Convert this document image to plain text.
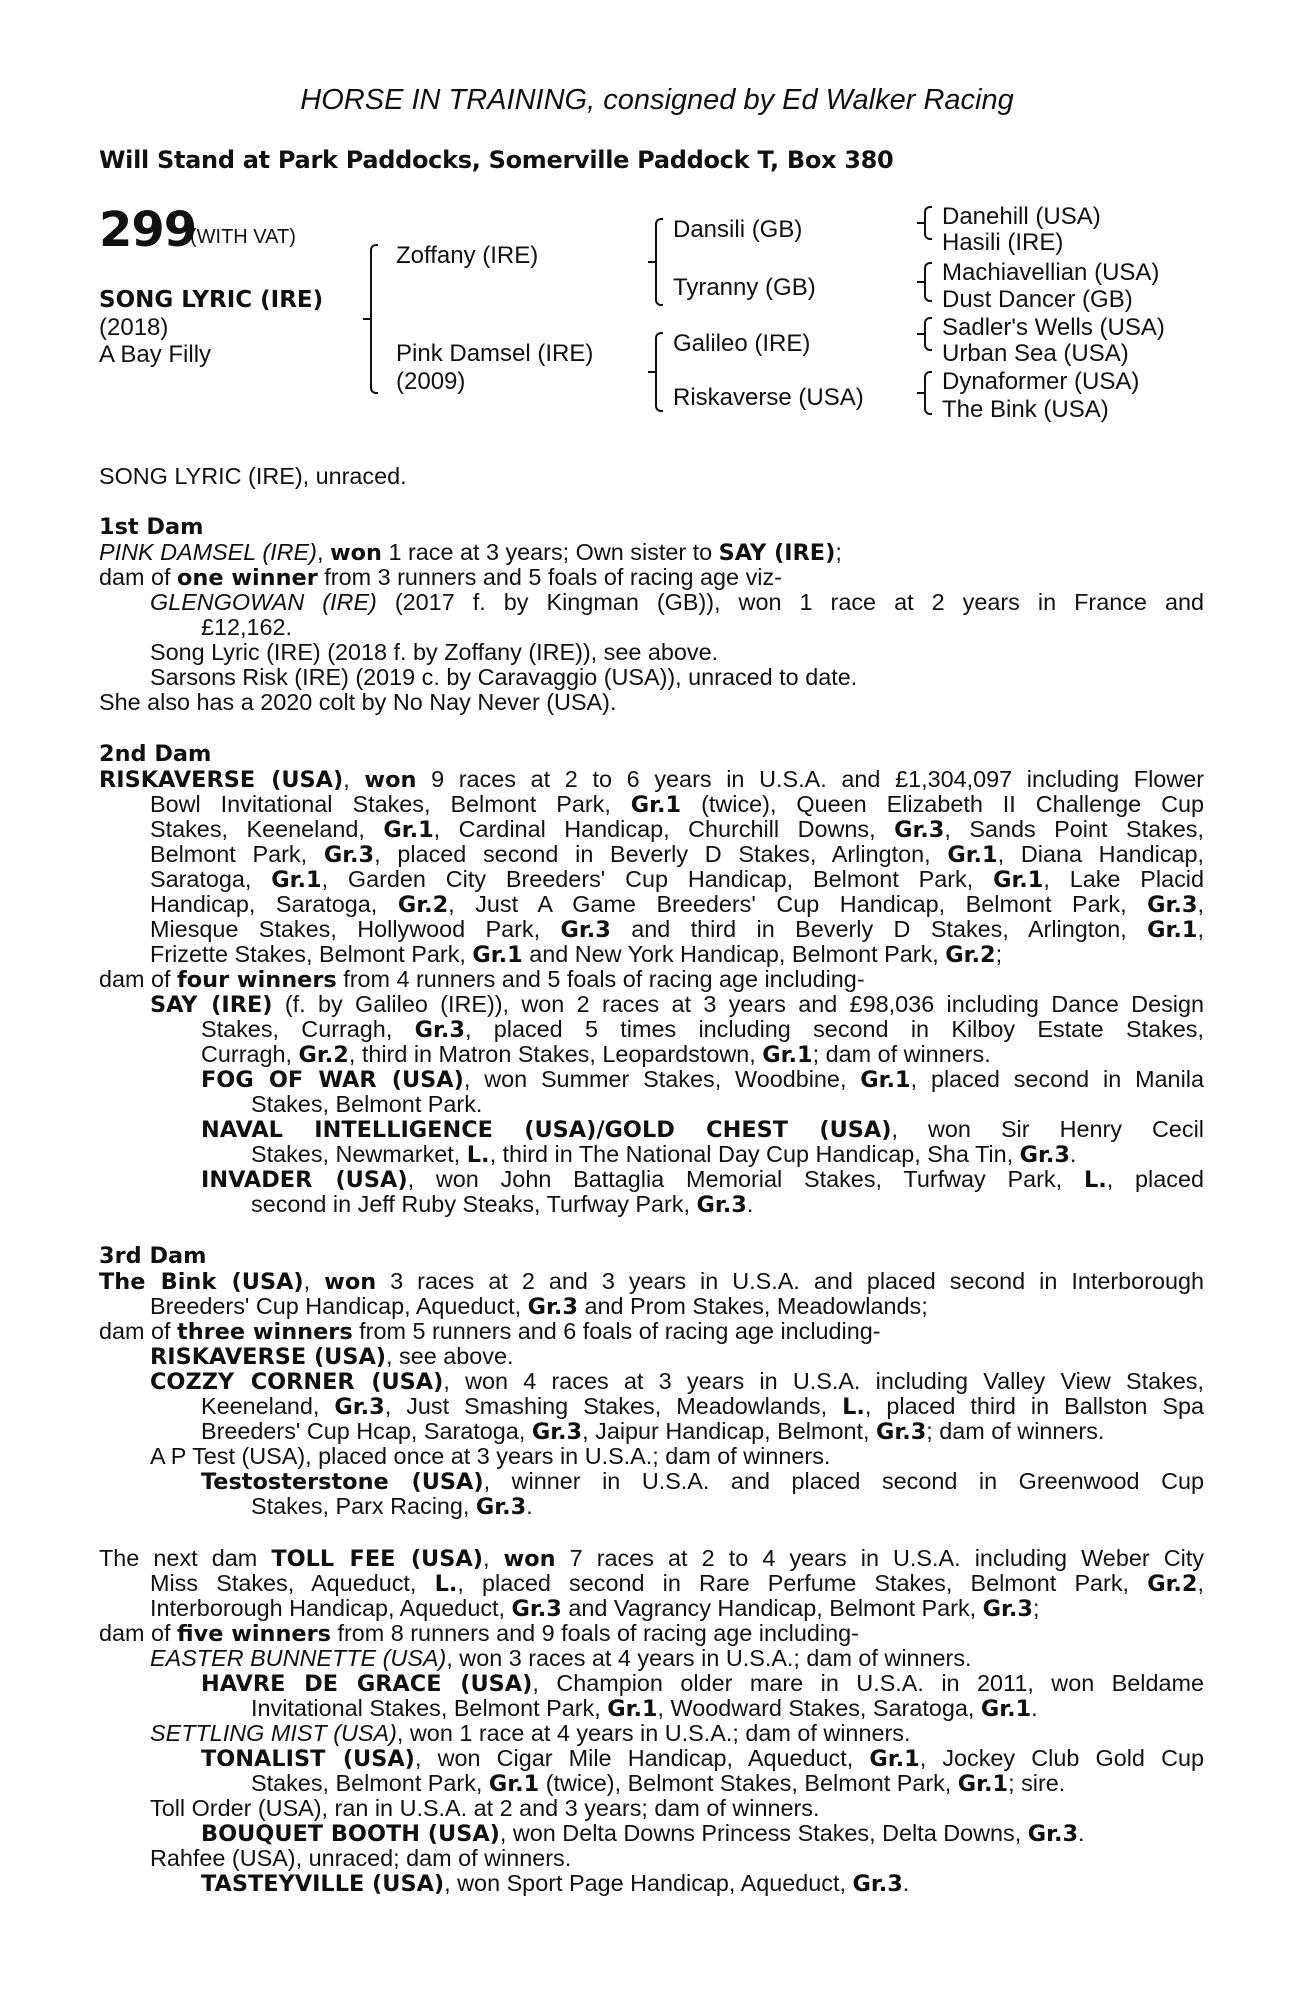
HORSE IN TRAINING, consigned by Ed Walker Racing
Will Stand at Park Paddocks, Somerville Paddock T, Box 380
299
(WITH VAT)
SONG LYRIC (IRE)
(2018)
A Bay Filly
Zoffany (IRE)
Pink Damsel (IRE)
(2009)
Dansili (GB)
Tyranny (GB)
Galileo (IRE)
Riskaverse (USA)
Danehill (USA)
Hasili (IRE)
Machiavellian (USA)
Dust Dancer (GB)
Sadler's Wells (USA)
Urban Sea (USA)
Dynaformer (USA)
The Bink (USA)
SONG LYRIC (IRE), unraced.
1st Dam
PINK DAMSEL (IRE), won 1 race at 3 years; Own sister to SAY (IRE);
dam of one winner from 3 runners and 5 foals of racing age viz-
GLENGOWAN (IRE) (2017 f. by Kingman (GB)), won 1 race at 2 years in France and
£12,162.
Song Lyric (IRE) (2018 f. by Zoffany (IRE)), see above.
Sarsons Risk (IRE) (2019 c. by Caravaggio (USA)), unraced to date.
She also has a 2020 colt by No Nay Never (USA).
2nd Dam
RISKAVERSE (USA), won 9 races at 2 to 6 years in U.S.A. and £1,304,097 including Flower
Bowl Invitational Stakes, Belmont Park, Gr.1 (twice), Queen Elizabeth II Challenge Cup
Stakes, Keeneland, Gr.1, Cardinal Handicap, Churchill Downs, Gr.3, Sands Point Stakes,
Belmont Park, Gr.3, placed second in Beverly D Stakes, Arlington, Gr.1, Diana Handicap,
Saratoga, Gr.1, Garden City Breeders' Cup Handicap, Belmont Park, Gr.1, Lake Placid
Handicap, Saratoga, Gr.2, Just A Game Breeders' Cup Handicap, Belmont Park, Gr.3,
Miesque Stakes, Hollywood Park, Gr.3 and third in Beverly D Stakes, Arlington, Gr.1,
Frizette Stakes, Belmont Park, Gr.1 and New York Handicap, Belmont Park, Gr.2;
dam of four winners from 4 runners and 5 foals of racing age including-
SAY (IRE) (f. by Galileo (IRE)), won 2 races at 3 years and £98,036 including Dance Design
Stakes, Curragh, Gr.3, placed 5 times including second in Kilboy Estate Stakes,
Curragh, Gr.2, third in Matron Stakes, Leopardstown, Gr.1; dam of winners.
FOG OF WAR (USA), won Summer Stakes, Woodbine, Gr.1, placed second in Manila
Stakes, Belmont Park.
NAVAL INTELLIGENCE (USA)/GOLD CHEST (USA), won Sir Henry Cecil
Stakes, Newmarket, L., third in The National Day Cup Handicap, Sha Tin, Gr.3.
INVADER (USA), won John Battaglia Memorial Stakes, Turfway Park, L., placed
second in Jeff Ruby Steaks, Turfway Park, Gr.3.
3rd Dam
The Bink (USA), won 3 races at 2 and 3 years in U.S.A. and placed second in Interborough
Breeders' Cup Handicap, Aqueduct, Gr.3 and Prom Stakes, Meadowlands;
dam of three winners from 5 runners and 6 foals of racing age including-
RISKAVERSE (USA), see above.
COZZY CORNER (USA), won 4 races at 3 years in U.S.A. including Valley View Stakes,
Keeneland, Gr.3, Just Smashing Stakes, Meadowlands, L., placed third in Ballston Spa
Breeders' Cup Hcap, Saratoga, Gr.3, Jaipur Handicap, Belmont, Gr.3; dam of winners.
A P Test (USA), placed once at 3 years in U.S.A.; dam of winners.
Testosterstone (USA), winner in U.S.A. and placed second in Greenwood Cup
Stakes, Parx Racing, Gr.3.
The next dam TOLL FEE (USA), won 7 races at 2 to 4 years in U.S.A. including Weber City
Miss Stakes, Aqueduct, L., placed second in Rare Perfume Stakes, Belmont Park, Gr.2,
Interborough Handicap, Aqueduct, Gr.3 and Vagrancy Handicap, Belmont Park, Gr.3;
dam of five winners from 8 runners and 9 foals of racing age including-
EASTER BUNNETTE (USA), won 3 races at 4 years in U.S.A.; dam of winners.
HAVRE DE GRACE (USA), Champion older mare in U.S.A. in 2011, won Beldame
Invitational Stakes, Belmont Park, Gr.1, Woodward Stakes, Saratoga, Gr.1.
SETTLING MIST (USA), won 1 race at 4 years in U.S.A.; dam of winners.
TONALIST (USA), won Cigar Mile Handicap, Aqueduct, Gr.1, Jockey Club Gold Cup
Stakes, Belmont Park, Gr.1 (twice), Belmont Stakes, Belmont Park, Gr.1; sire.
Toll Order (USA), ran in U.S.A. at 2 and 3 years; dam of winners.
BOUQUET BOOTH (USA), won Delta Downs Princess Stakes, Delta Downs, Gr.3.
Rahfee (USA), unraced; dam of winners.
TASTEYVILLE (USA), won Sport Page Handicap, Aqueduct, Gr.3.
